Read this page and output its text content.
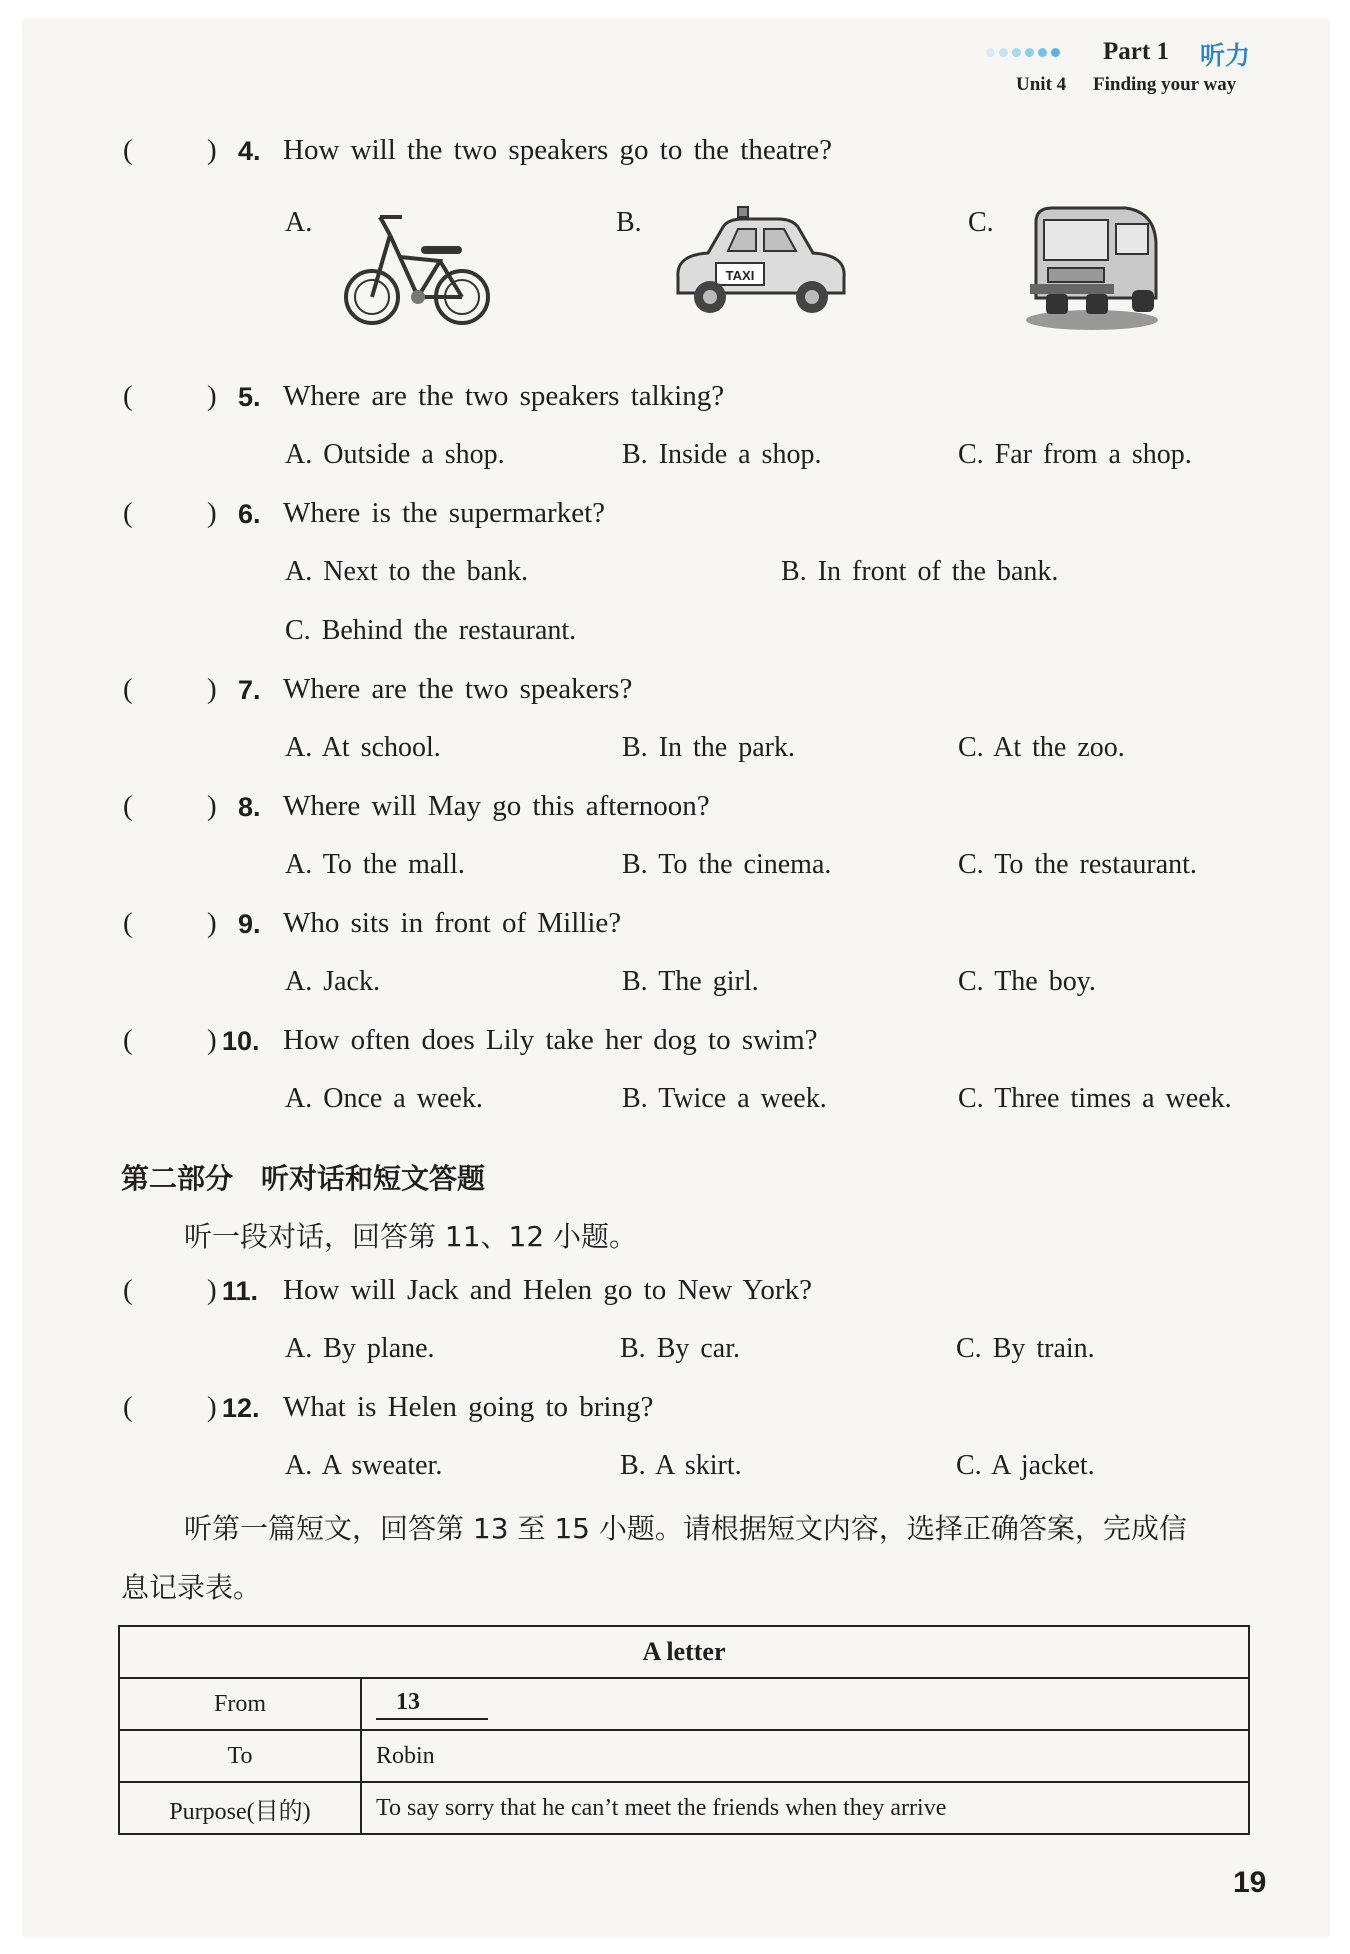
Part 1 听力
Unit 4 Finding your way
(	) 4. How will the two speakers go to the theatre?
A.	B.
TAXI
C.
(	) 5. Where are the two speakers talking?
A. Outside a shop.	B. Inside a shop.	C. Far from a shop.
(	) 6. Where is the supermarket?
A. Next to the bank.	B. In front of the bank.
C. Behind the restaurant.
(	) 7. Where are the two speakers?
A. At school.	B. In the park.	C. At the zoo.
(	) 8. Where will May go this afternoon?
A. To the mall.	B. To the cinema.	C. To the restaurant.
(	) 9. Who sits in front of Millie?
A. Jack.	B. The girl.	C. The boy.
(	) 10. How often does Lily take her dog to swim?
A. Once a week.	B. Twice a week.	C. Three times a week.
第二部分　听对话和短文答题
听一段对话，回答第 11、12 小题。
(	) 11. How will Jack and Helen go to New York?
A. By plane.	B. By car.	C. By train.
(	) 12. What is Helen going to bring?
A. A sweater.	B. A skirt.	C. A jacket.
听第一篇短文，回答第 13 至 15 小题。请根据短文内容，选择正确答案，完成信
息记录表。
A letter	
From	13
To	Robin
Purpose(目的)	To say sorry that he can’t meet the friends when they arrive
19
